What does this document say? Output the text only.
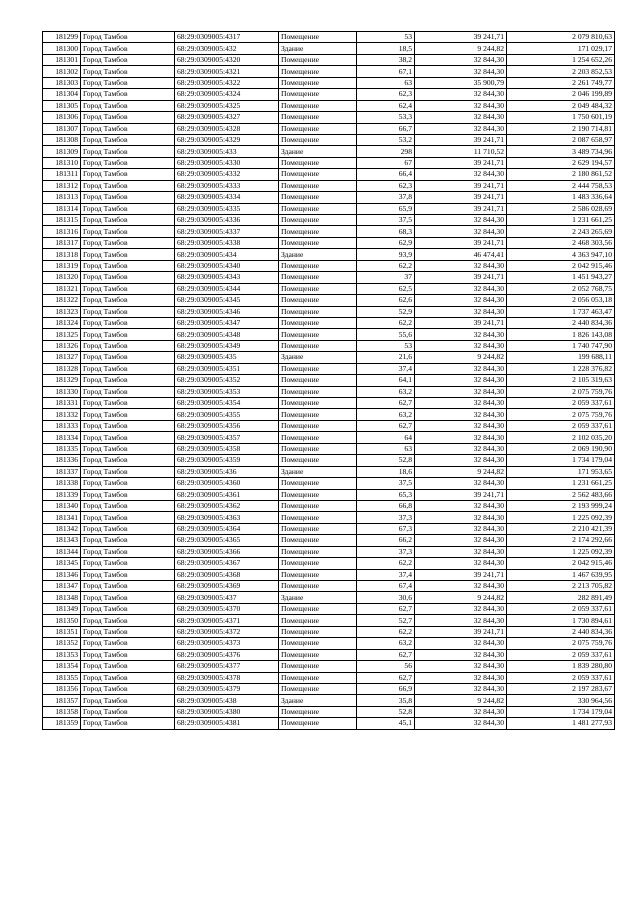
181299	Город Тамбов	68:29:0309005:4317	Помещение	53	39 241,71	2 079 810,63
181300	Город Тамбов	68:29:0309005:432	Здание	18,5	9 244,82	171 029,17
181301	Город Тамбов	68:29:0309005:4320	Помещение	38,2	32 844,30	1 254 652,26
181302	Город Тамбов	68:29:0309005:4321	Помещение	67,1	32 844,30	2 203 852,53
181303	Город Тамбов	68:29:0309005:4322	Помещение	63	35 900,79	2 261 749,77
181304	Город Тамбов	68:29:0309005:4324	Помещение	62,3	32 844,30	2 046 199,89
181305	Город Тамбов	68:29:0309005:4325	Помещение	62,4	32 844,30	2 049 484,32
181306	Город Тамбов	68:29:0309005:4327	Помещение	53,3	32 844,30	1 750 601,19
181307	Город Тамбов	68:29:0309005:4328	Помещение	66,7	32 844,30	2 190 714,81
181308	Город Тамбов	68:29:0309005:4329	Помещение	53,2	39 241,71	2 087 658,97
181309	Город Тамбов	68:29:0309005:433	Здание	298	11 710,52	3 489 734,96
181310	Город Тамбов	68:29:0309005:4330	Помещение	67	39 241,71	2 629 194,57
181311	Город Тамбов	68:29:0309005:4332	Помещение	66,4	32 844,30	2 180 861,52
181312	Город Тамбов	68:29:0309005:4333	Помещение	62,3	39 241,71	2 444 758,53
181313	Город Тамбов	68:29:0309005:4334	Помещение	37,8	39 241,71	1 483 336,64
181314	Город Тамбов	68:29:0309005:4335	Помещение	65,9	39 241,71	2 586 028,69
181315	Город Тамбов	68:29:0309005:4336	Помещение	37,5	32 844,30	1 231 661,25
181316	Город Тамбов	68:29:0309005:4337	Помещение	68,3	32 844,30	2 243 265,69
181317	Город Тамбов	68:29:0309005:4338	Помещение	62,9	39 241,71	2 468 303,56
181318	Город Тамбов	68:29:0309005:434	Здание	93,9	46 474,41	4 363 947,10
181319	Город Тамбов	68:29:0309005:4340	Помещение	62,2	32 844,30	2 042 915,46
181320	Город Тамбов	68:29:0309005:4343	Помещение	37	39 241,71	1 451 943,27
181321	Город Тамбов	68:29:0309005:4344	Помещение	62,5	32 844,30	2 052 768,75
181322	Город Тамбов	68:29:0309005:4345	Помещение	62,6	32 844,30	2 056 053,18
181323	Город Тамбов	68:29:0309005:4346	Помещение	52,9	32 844,30	1 737 463,47
181324	Город Тамбов	68:29:0309005:4347	Помещение	62,2	39 241,71	2 440 834,36
181325	Город Тамбов	68:29:0309005:4348	Помещение	55,6	32 844,30	1 826 143,08
181326	Город Тамбов	68:29:0309005:4349	Помещение	53	32 844,30	1 740 747,90
181327	Город Тамбов	68:29:0309005:435	Здание	21,6	9 244,82	199 688,11
181328	Город Тамбов	68:29:0309005:4351	Помещение	37,4	32 844,30	1 228 376,82
181329	Город Тамбов	68:29:0309005:4352	Помещение	64,1	32 844,30	2 105 319,63
181330	Город Тамбов	68:29:0309005:4353	Помещение	63,2	32 844,30	2 075 759,76
181331	Город Тамбов	68:29:0309005:4354	Помещение	62,7	32 844,30	2 059 337,61
181332	Город Тамбов	68:29:0309005:4355	Помещение	63,2	32 844,30	2 075 759,76
181333	Город Тамбов	68:29:0309005:4356	Помещение	62,7	32 844,30	2 059 337,61
181334	Город Тамбов	68:29:0309005:4357	Помещение	64	32 844,30	2 102 035,20
181335	Город Тамбов	68:29:0309005:4358	Помещение	63	32 844,30	2 069 190,90
181336	Город Тамбов	68:29:0309005:4359	Помещение	52,8	32 844,30	1 734 179,04
181337	Город Тамбов	68:29:0309005:436	Здание	18,6	9 244,82	171 953,65
181338	Город Тамбов	68:29:0309005:4360	Помещение	37,5	32 844,30	1 231 661,25
181339	Город Тамбов	68:29:0309005:4361	Помещение	65,3	39 241,71	2 562 483,66
181340	Город Тамбов	68:29:0309005:4362	Помещение	66,8	32 844,30	2 193 999,24
181341	Город Тамбов	68:29:0309005:4363	Помещение	37,3	32 844,30	1 225 092,39
181342	Город Тамбов	68:29:0309005:4364	Помещение	67,3	32 844,30	2 210 421,39
181343	Город Тамбов	68:29:0309005:4365	Помещение	66,2	32 844,30	2 174 292,66
181344	Город Тамбов	68:29:0309005:4366	Помещение	37,3	32 844,30	1 225 092,39
181345	Город Тамбов	68:29:0309005:4367	Помещение	62,2	32 844,30	2 042 915,46
181346	Город Тамбов	68:29:0309005:4368	Помещение	37,4	39 241,71	1 467 639,95
181347	Город Тамбов	68:29:0309005:4369	Помещение	67,4	32 844,30	2 213 705,82
181348	Город Тамбов	68:29:0309005:437	Здание	30,6	9 244,82	282 891,49
181349	Город Тамбов	68:29:0309005:4370	Помещение	62,7	32 844,30	2 059 337,61
181350	Город Тамбов	68:29:0309005:4371	Помещение	52,7	32 844,30	1 730 894,61
181351	Город Тамбов	68:29:0309005:4372	Помещение	62,2	39 241,71	2 440 834,36
181352	Город Тамбов	68:29:0309005:4373	Помещение	63,2	32 844,30	2 075 759,76
181353	Город Тамбов	68:29:0309005:4376	Помещение	62,7	32 844,30	2 059 337,61
181354	Город Тамбов	68:29:0309005:4377	Помещение	56	32 844,30	1 839 280,80
181355	Город Тамбов	68:29:0309005:4378	Помещение	62,7	32 844,30	2 059 337,61
181356	Город Тамбов	68:29:0309005:4379	Помещение	66,9	32 844,30	2 197 283,67
181357	Город Тамбов	68:29:0309005:438	Здание	35,8	9 244,82	330 964,56
181358	Город Тамбов	68:29:0309005:4380	Помещение	52,8	32 844,30	1 734 179,04
181359	Город Тамбов	68:29:0309005:4381	Помещение	45,1	32 844,30	1 481 277,93
